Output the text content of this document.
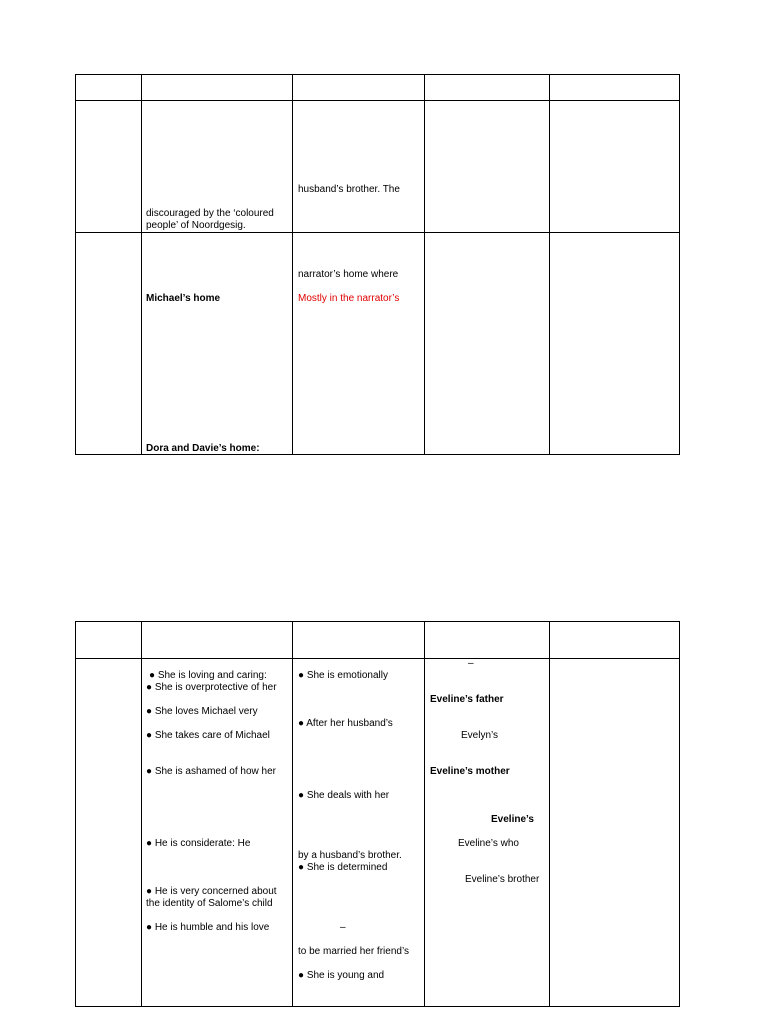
husband’s brother. The
discouraged by the ‘coloured
people’ of Noordgesig.
narrator’s home where
Michael’s home	Mostly in the narrator’s
Dora and Davie’s home:
● She is loving and caring:
● She is overprotective of her
● She loves Michael very
● She takes care of Michael
● She is ashamed of how her
● He is considerate: He
● He is very concerned about
the identity of Salome’s child
● He is humble and his love
● She is emotionally
● After her husband’s
● She deals with her
by a husband’s brother.
● She is determined
–
to be married her friend’s
● She is young and
–
Eveline’s father
Evelyn’s
Eveline’s mother
Eveline’s
Eveline’s who
Eveline’s brother
